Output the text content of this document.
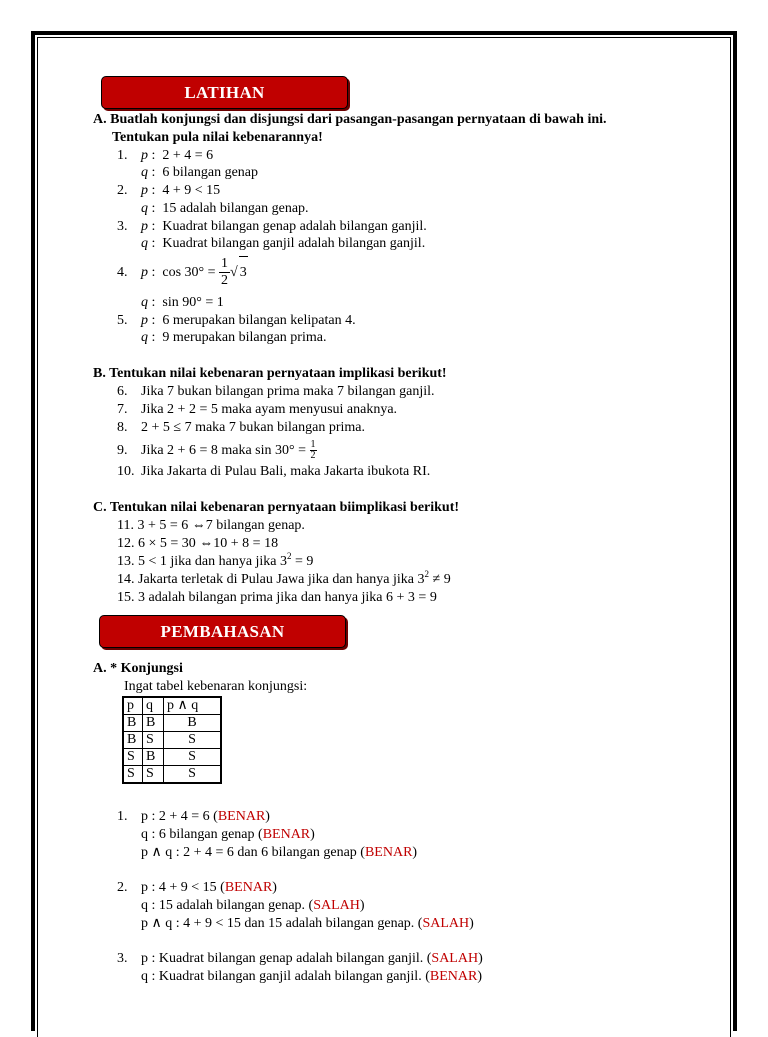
LATIHAN
A. Buatlah konjungsi dan disjungsi dari pasangan-pasangan pernyataan di bawah ini.
Tentukan pula nilai kebenarannya!
1. p :  2 + 4 = 6
q :  6 bilangan genap
2. p :  4 + 9 < 15
q :  15 adalah bilangan genap.
3. p :  Kuadrat bilangan genap adalah bilangan ganjil.
q :  Kuadrat bilangan ganjil adalah bilangan ganjil.
4. p :  $\cos 30^\circ = \frac{1}{2}$ √ 3
q :  sin 90° = 1
5. p :  6 merupakan bilangan kelipatan 4.
q :  9 merupakan bilangan prima.
B. Tentukan nilai kebenaran pernyataan implikasi berikut!
6. Jika 7 bukan bilangan prima maka 7 bilangan ganjil.
7. Jika 2 + 2 = 5 maka ayam menyusui anaknya.
8. 2 + 5 ≤ 7 maka 7 bukan bilangan prima.
9. Jika 2 + 6 = 8 maka $\sin 30^\circ = \frac{1}{2}$
10. Jika Jakarta di Pulau Bali, maka Jakarta ibukota RI.
C. Tentukan nilai kebenaran pernyataan biimplikasi berikut!
11. 3 + 5 = 6 ⇔7 bilangan genap.
12. 6 × 5 = 30 ⇔10 + 8 = 18
13. 5 < 1 jika dan hanya jika $3^2 = 9$
14. Jakarta terletak di Pulau Jawa jika dan hanya jika $3^2 \ne 9$
15. 3 adalah bilangan prima jika dan hanya jika 6 + 3 = 9
PEMBAHASAN
A. * Konjungsi
Ingat tabel kebenaran konjungsi:
p	q	p ∧ q
B	B	B
B	S	S
S	B	S
S	S	S
1. p : 2 + 4 = 6 (BENAR)
q : 6 bilangan genap (BENAR)
p ∧ q : 2 + 4 = 6 dan 6 bilangan genap (BENAR)
2. p : 4 + 9 < 15 (BENAR)
q : 15 adalah bilangan genap. (SALAH)
p ∧ q : 4 + 9 < 15 dan 15 adalah bilangan genap. (SALAH)
3. p : Kuadrat bilangan genap adalah bilangan ganjil. (SALAH)
q : Kuadrat bilangan ganjil adalah bilangan ganjil. (BENAR)
